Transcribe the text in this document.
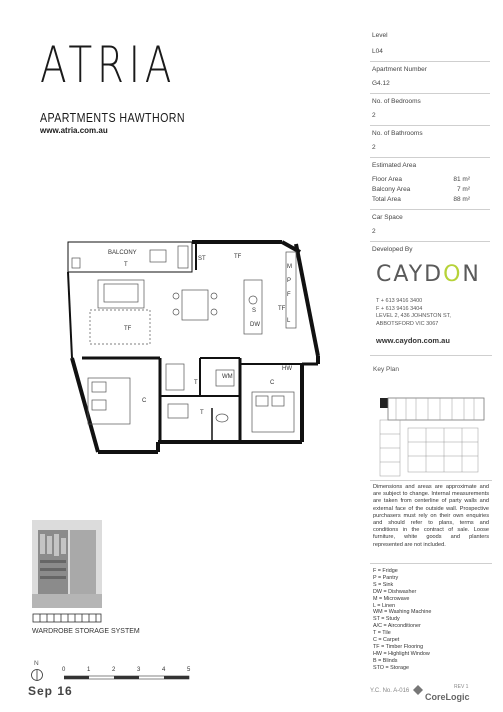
ATRIA
APARTMENTS HAWTHORN
www.atria.com.au
Level
L04
Apartment Number
G4.12
No. of Bedrooms
2
No. of Bathrooms
2
Estimated Area
Floor Area	81 m²
Balcony Area	7 m²
Total Area	88 m²
Car Space
2
Developed By
CAYDON
T + 613 9416 3400
F + 613 9416 3404
LEVEL 2, 436 JOHNSTON ST,
ABBOTSFORD VIC 3067
www.caydon.com.au
Key Plan
Dimensions and areas are approximate and are subject to change. Internal measurements are taken from centerline of party walls and external face of the outside wall. Prospective purchasers must rely on their own enquiries and should refer to plans, terms and conditions in the contract of sale. Loose furniture, white goods and planters represented are not included.
F = Fridge
P = Pantry
S = Sink
DW = Dishwasher
M = Microwave
L = Linen
WM = Washing Machine
ST = Study
A/C = Airconditioner
T = Tile
C = Carpet
TF = Timber Flooring
HW = Highlight Window
B = Blinds
STO = Storage
BALCONY
T
ST	TF
TF
TF
HW
C
C
T
T
WM
DW
S
M
P
F
L
WARDROBE STORAGE SYSTEM
N
0	1	2	3	4	5
Sep 16	Y.C. No. A-016
REV 1
CoreLogic
